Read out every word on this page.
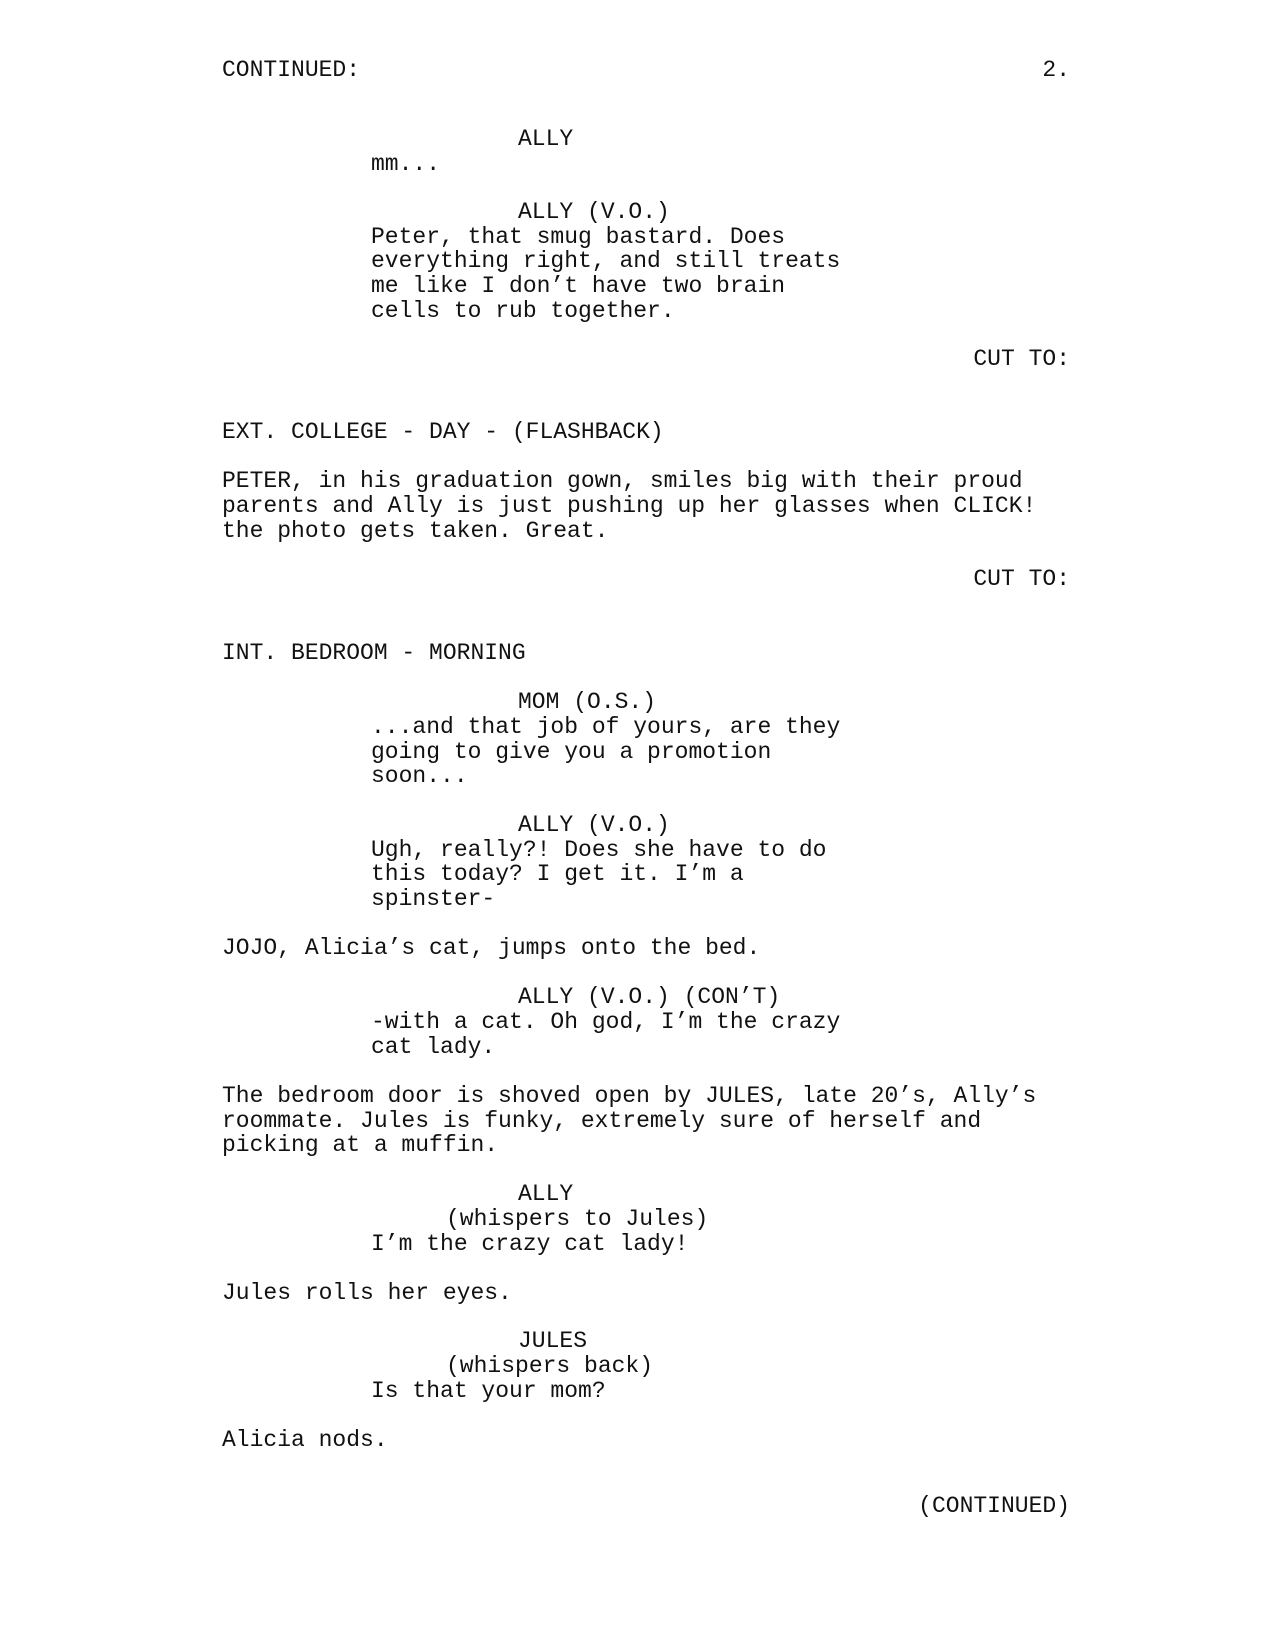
CONTINUED:	2.

ALLY

mm...

ALLY (V.O.)

Peter, that smug bastard. Does

everything right, and still treats

me like I don’t have two brain

cells to rub together.

CUT TO:

EXT. COLLEGE - DAY - (FLASHBACK)

PETER, in his graduation gown, smiles big with their proud

parents and Ally is just pushing up her glasses when CLICK!

the photo gets taken. Great.

CUT TO:

INT. BEDROOM - MORNING

MOM (O.S.)

...and that job of yours, are they

going to give you a promotion

soon...

ALLY (V.O.)

Ugh, really?! Does she have to do

this today? I get it. I’m a

spinster-

JOJO, Alicia’s cat, jumps onto the bed.

ALLY (V.O.) (CON’T)

-with a cat. Oh god, I’m the crazy

cat lady.

The bedroom door is shoved open by JULES, late 20’s, Ally’s

roommate. Jules is funky, extremely sure of herself and

picking at a muffin.

ALLY

(whispers to Jules)

I’m the crazy cat lady!

Jules rolls her eyes.

JULES

(whispers back)

Is that your mom?

Alicia nods.

(CONTINUED)
